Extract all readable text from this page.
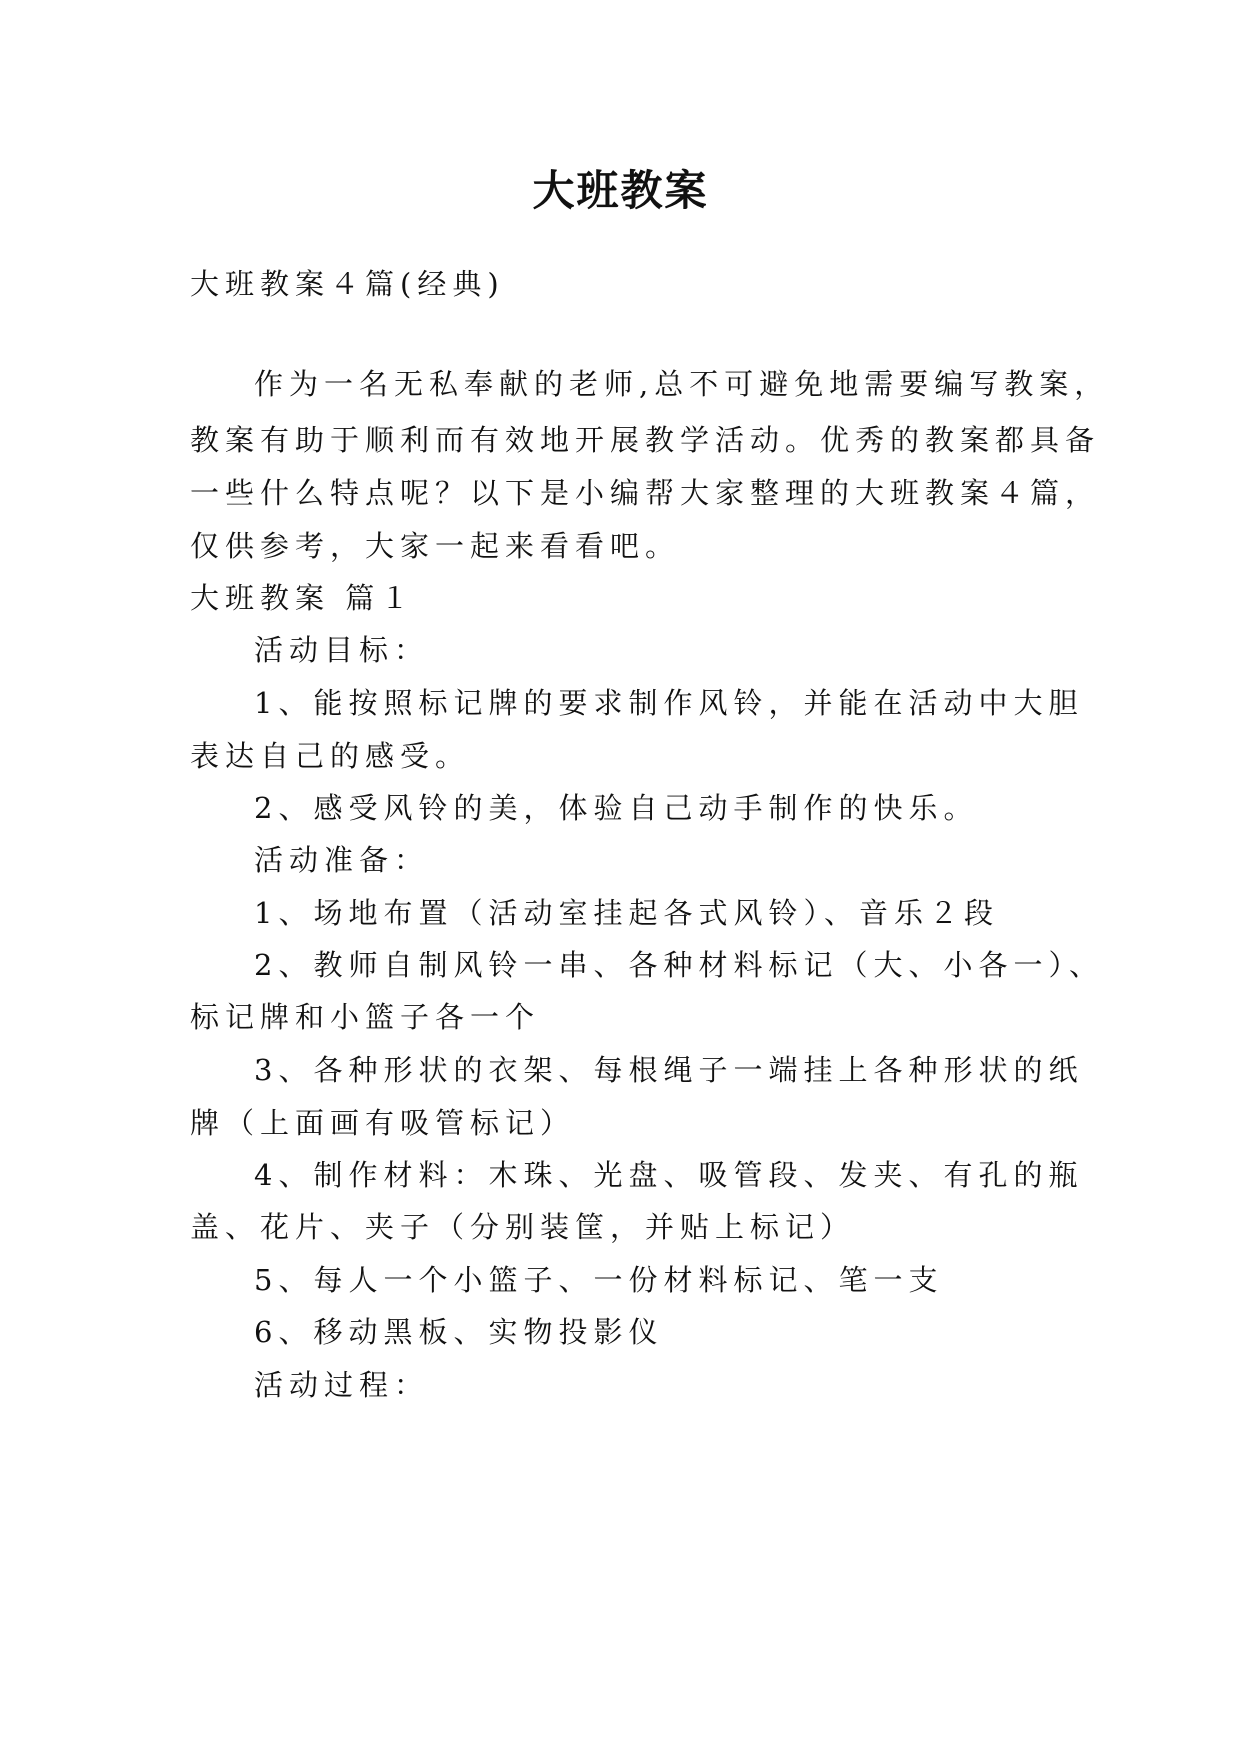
大班教案

大班教案４篇(经典)

作为一名无私奉献的老师,总不可避免地需要编写教案，

教案有助于顺利而有效地开展教学活动。优秀的教案都具备

一些什么特点呢？以下是小编帮大家整理的大班教案４篇，

仅供参考，大家一起来看看吧。

大班教案 篇１

活动目标：

1、能按照标记牌的要求制作风铃，并能在活动中大胆

表达自己的感受。

2、感受风铃的美，体验自己动手制作的快乐。

活动准备：

1、场地布置（活动室挂起各式风铃）、音乐２段

2、教师自制风铃一串、各种材料标记（大、小各一）、

标记牌和小篮子各一个

3、各种形状的衣架、每根绳子一端挂上各种形状的纸

牌（上面画有吸管标记）

4、制作材料：木珠、光盘、吸管段、发夹、有孔的瓶

盖、花片、夹子（分别装筐，并贴上标记）

5、每人一个小篮子、一份材料标记、笔一支

6、移动黑板、实物投影仪

活动过程：
